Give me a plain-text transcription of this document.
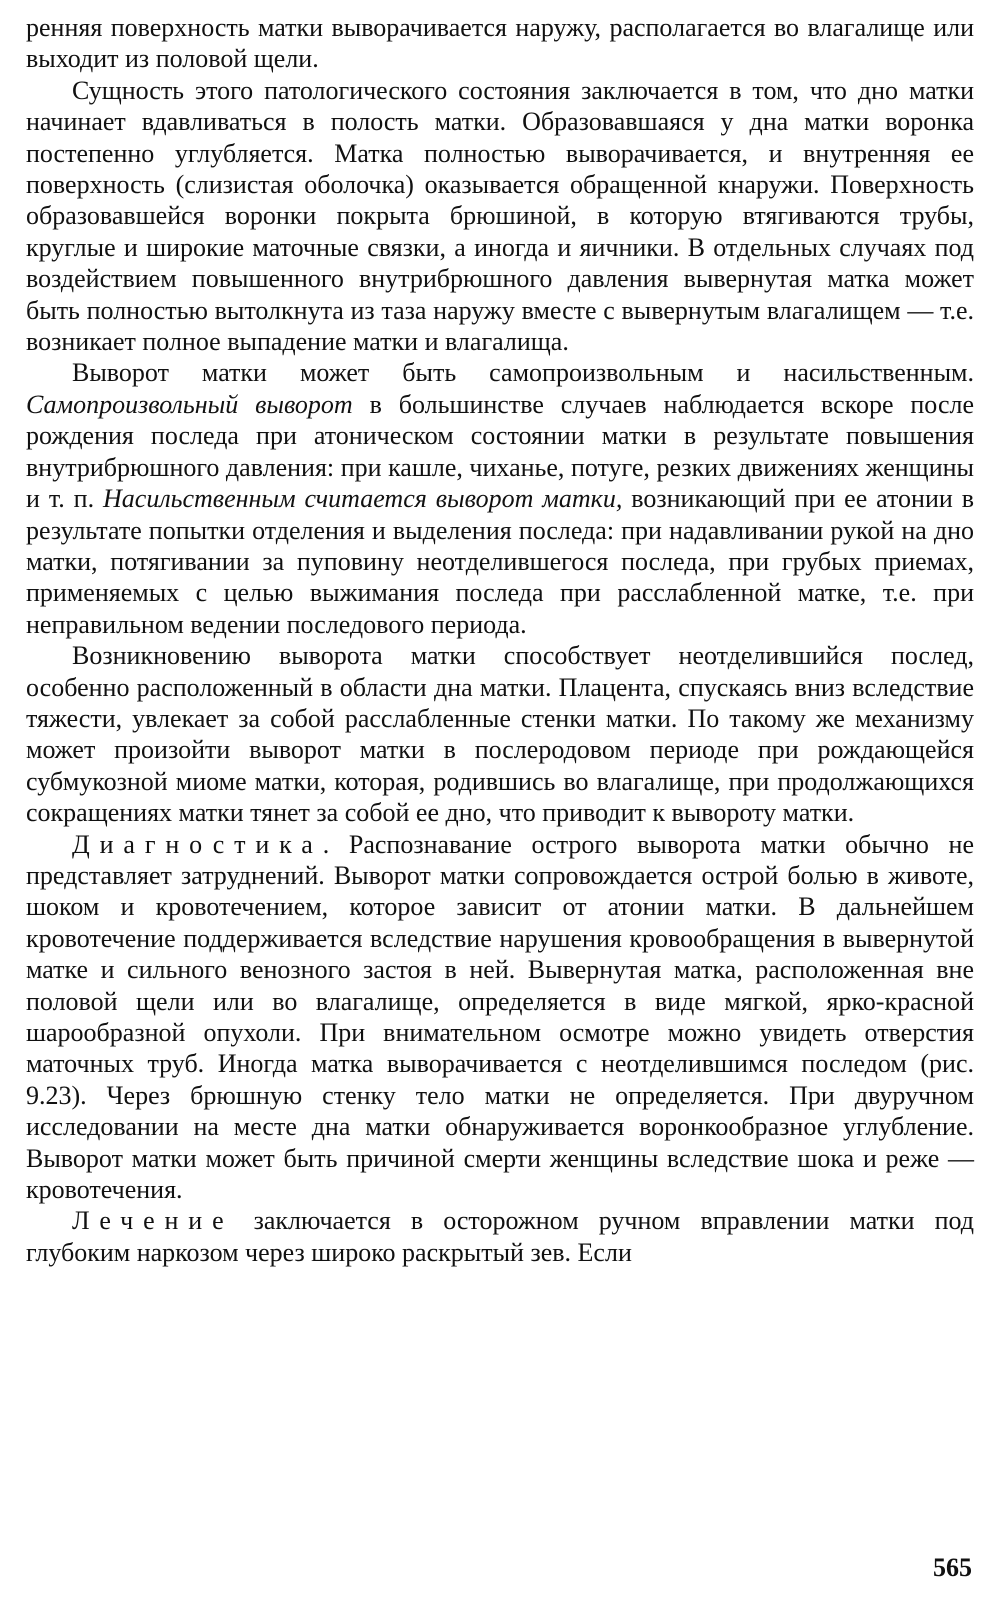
ренняя поверхность матки выворачивается наружу, располагается во влагалище или выходит из половой щели.

Сущность этого патологического состояния заключается в том, что дно матки начинает вдавливаться в полость матки. Образовавшаяся у дна матки воронка постепенно углубляется. Матка полностью выворачивается, и внутренняя ее поверхность (слизистая оболочка) оказывается обращенной кнаружи. Поверхность образовавшейся воронки покрыта брюшиной, в которую втягиваются трубы, круглые и широкие маточные связки, а иногда и яичники. В отдельных случаях под воздействием повышенного внутрибрюшного давления вывернутая матка может быть полностью вытолкнута из таза наружу вместе с вывернутым влагалищем — т.е. возникает полное выпадение матки и влагалища.

Выворот матки может быть самопроизвольным и насильственным. Самопроизвольный выворот в большинстве случаев наблюдается вскоре после рождения последа при атоническом состоянии матки в результате повышения внутрибрюшного давления: при кашле, чиханье, потуге, резких движениях женщины и т. п. Насильственным считается выворот матки, возникающий при ее атонии в результате попытки отделения и выделения последа: при надавливании рукой на дно матки, потягивании за пуповину неотделившегося последа, при грубых приемах, применяемых с целью выжимания последа при расслабленной матке, т.е. при неправильном ведении последового периода.

Возникновению выворота матки способствует неотделившийся послед, особенно расположенный в области дна матки. Плацента, спускаясь вниз вследствие тяжести, увлекает за собой расслабленные стенки матки. По такому же механизму может произойти выворот матки в послеродовом периоде при рождающейся субмукозной миоме матки, которая, родившись во влагалище, при продолжающихся сокращениях матки тянет за собой ее дно, что приводит к вывороту матки.

Диагностика. Распознавание острого выворота матки обычно не представляет затруднений. Выворот матки сопровождается острой болью в животе, шоком и кровотечением, которое зависит от атонии матки. В дальнейшем кровотечение поддерживается вследствие нарушения кровообращения в вывернутой матке и сильного венозного застоя в ней. Вывернутая матка, расположенная вне половой щели или во влагалище, определяется в виде мягкой, ярко-красной шарообразной опухоли. При внимательном осмотре можно увидеть отверстия маточных труб. Иногда матка выворачивается с неотделившимся последом (рис. 9.23). Через брюшную стенку тело матки не определяется. При двуручном исследовании на месте дна матки обнаруживается воронкообразное углубление. Выворот матки может быть причиной смерти женщины вследствие шока и реже — кровотечения.

Лечение заключается в осторожном ручном вправлении матки под глубоким наркозом через широко раскрытый зев. Если

565
